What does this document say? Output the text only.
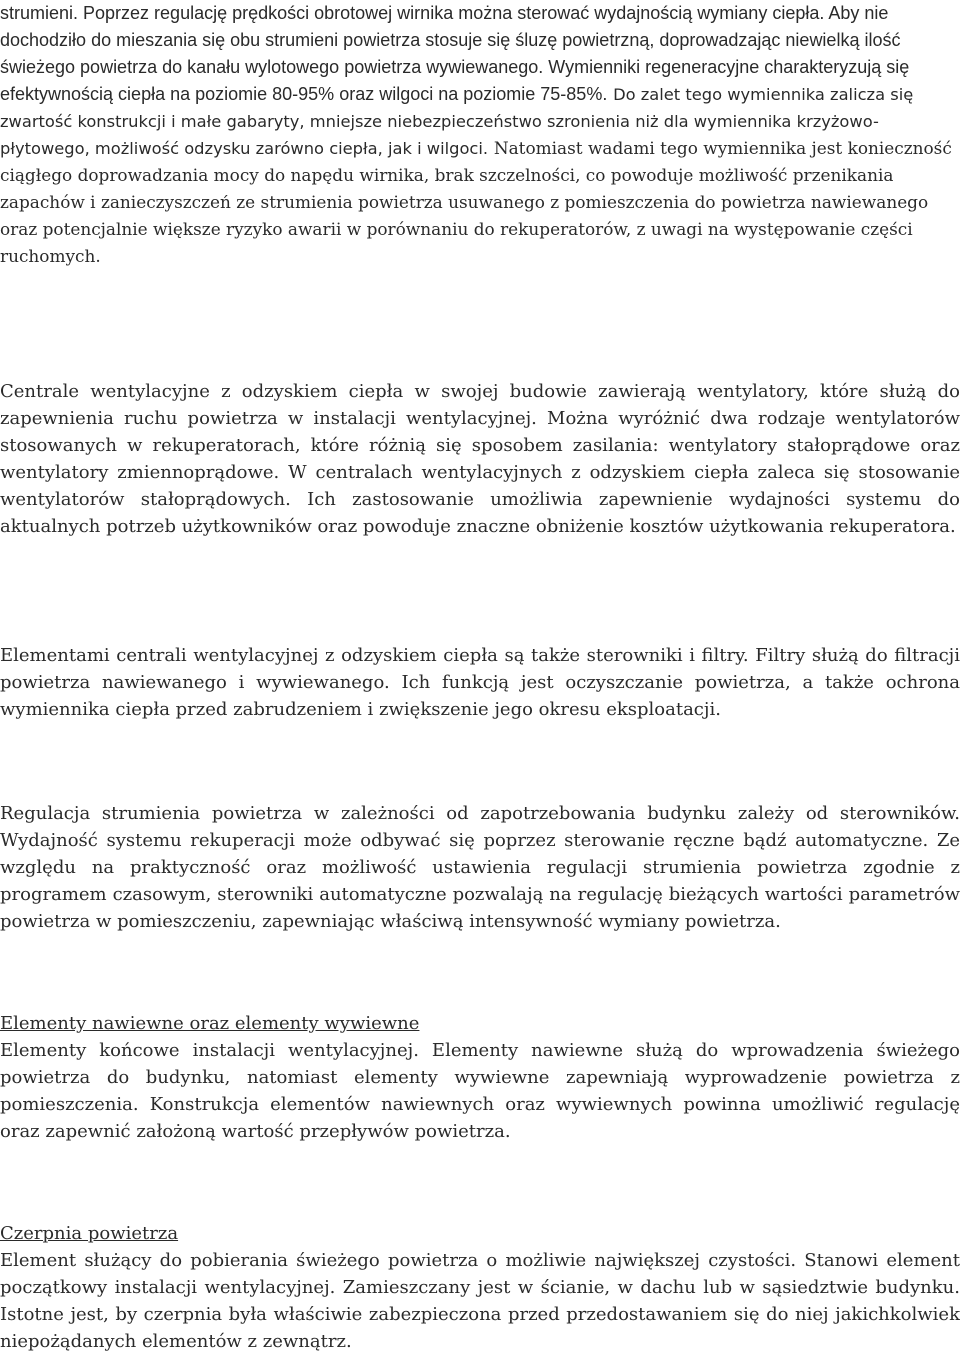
strumieni. Poprzez regulację prędkości obrotowej wirnika można sterować wydajnością wymiany ciepła. Aby nie dochodziło do mieszania się obu strumieni powietrza stosuje się śluzę powietrzną, doprowadzając niewielką ilość świeżego powietrza do kanału wylotowego powietrza wywiewanego. Wymienniki regeneracyjne charakteryzują się efektywnością ciepła na poziomie 80-95% oraz wilgoci na poziomie 75-85%. Do zalet tego wymiennika zalicza się zwartość konstrukcji i małe gabaryty, mniejsze niebezpieczeństwo szronienia niż dla wymiennika krzyżowo-płytowego, możliwość odzysku zarówno ciepła, jak i wilgoci. Natomiast wadami tego wymiennika jest konieczność ciągłego doprowadzania mocy do napędu wirnika, brak szczelności, co powoduje możliwość przenikania zapachów i zanieczyszczeń ze strumienia powietrza usuwanego z pomieszczenia do powietrza nawiewanego oraz potencjalnie większe ryzyko awarii w porównaniu do rekuperatorów, z uwagi na występowanie części ruchomych.

Centrale wentylacyjne z odzyskiem ciepła w swojej budowie zawierają wentylatory, które służą do zapewnienia ruchu powietrza w instalacji wentylacyjnej. Można wyróżnić dwa rodzaje wentylatorów stosowanych w rekuperatorach, które różnią się sposobem zasilania: wentylatory stałoprądowe oraz wentylatory zmiennoprądowe. W centralach wentylacyjnych z odzyskiem ciepła zaleca się stosowanie wentylatorów stałoprądowych. Ich zastosowanie umożliwia zapewnienie wydajności systemu do aktualnych potrzeb użytkowników oraz powoduje znaczne obniżenie kosztów użytkowania rekuperatora.

Elementami centrali wentylacyjnej z odzyskiem ciepła są także sterowniki i filtry. Filtry służą do filtracji powietrza nawiewanego i wywiewanego. Ich funkcją jest oczyszczanie powietrza, a także ochrona wymiennika ciepła przed zabrudzeniem i zwiększenie jego okresu eksploatacji.

Regulacja strumienia powietrza w zależności od zapotrzebowania budynku zależy od sterowników. Wydajność systemu rekuperacji może odbywać się poprzez sterowanie ręczne bądź automatyczne. Ze względu na praktyczność oraz możliwość ustawienia regulacji strumienia powietrza zgodnie z programem czasowym, sterowniki automatyczne pozwalają na regulację bieżących wartości parametrów powietrza w pomieszczeniu, zapewniając właściwą intensywność wymiany powietrza.

Elementy nawiewne oraz elementy wywiewne
Elementy końcowe instalacji wentylacyjnej. Elementy nawiewne służą do wprowadzenia świeżego powietrza do budynku, natomiast elementy wywiewne zapewniają wyprowadzenie powietrza z pomieszczenia. Konstrukcja elementów nawiewnych oraz wywiewnych powinna umożliwić regulację oraz zapewnić założoną wartość przepływów powietrza.
Czerpnia powietrza
Element służący do pobierania świeżego powietrza o możliwie największej czystości. Stanowi element początkowy instalacji wentylacyjnej. Zamieszczany jest w ścianie, w dachu lub w sąsiedztwie budynku. Istotne jest, by czerpnia była właściwie zabezpieczona przed przedostawaniem się do niej jakichkolwiek niepożądanych elementów z zewnątrz.
